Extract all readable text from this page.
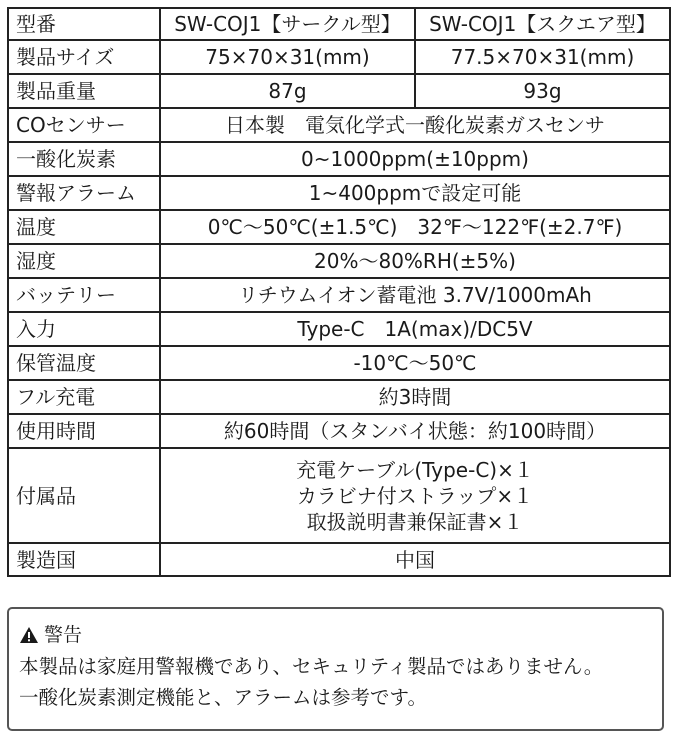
型番	SW-COJ1【サークル型】	SW-COJ1【スクエア型】
製品サイズ	75×70×31(mm)	77.5×70×31(mm)
製品重量	87g	93g
COセンサー	日本製　電気化学式一酸化炭素ガスセンサ	
一酸化炭素	0~1000ppm(±10ppm)	
警報アラーム	1~400ppmで設定可能	
温度	0℃～50℃(±1.5℃)　32℉～122℉(±2.7℉)	
湿度	20%～80%RH(±5%)	
バッテリー	リチウムイオン蓄電池 3.7V/1000mAh	
入力	Type-C　1A(max)/DC5V	
保管温度	-10℃～50℃	
フル充電	約3時間	
使用時間	約60時間（スタンバイ状態：約100時間）	
付属品	充電ケーブル(Type-C)×１
カラビナ付ストラップ×１
取扱説明書兼保証書×１	

製造国	中国	
警告
本製品は家庭用警報機であり、セキュリティ製品ではありません。
一酸化炭素測定機能と、アラームは参考です。
